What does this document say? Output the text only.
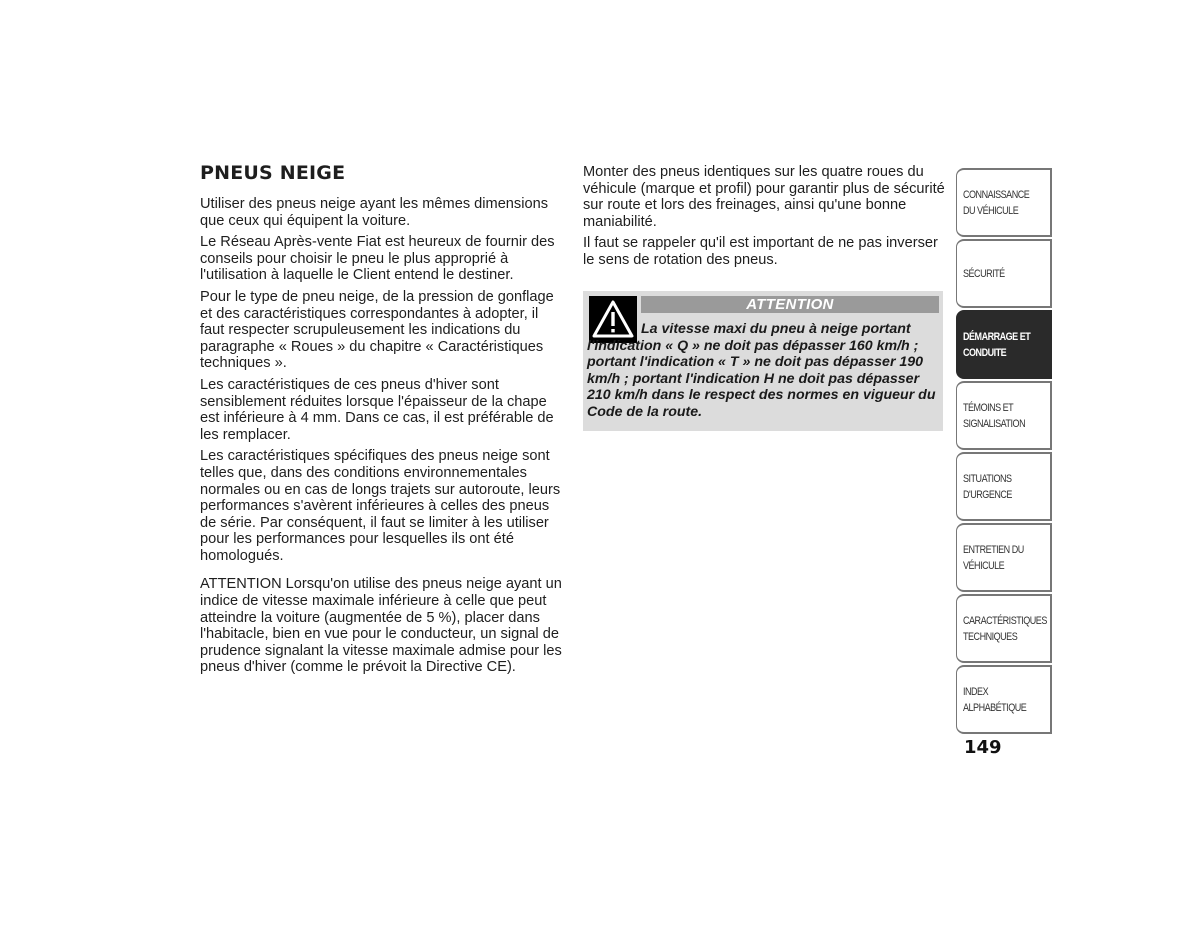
PNEUS NEIGE

Utiliser des pneus neige ayant les mêmes dimensions que ceux qui équipent la voiture.

Le Réseau Après-vente Fiat est heureux de fournir des conseils pour choisir le pneu le plus approprié à l'utilisation à laquelle le Client entend le destiner.

Pour le type de pneu neige, de la pression de gonflage et des caractéristiques correspondantes à adopter, il faut respecter scrupuleusement les indications du paragraphe « Roues » du chapitre « Caractéristiques techniques ».

Les caractéristiques de ces pneus d'hiver sont sensiblement réduites lorsque l'épaisseur de la chape est inférieure à 4 mm. Dans ce cas, il est préférable de les remplacer.

Les caractéristiques spécifiques des pneus neige sont telles que, dans des conditions environnementales normales ou en cas de longs trajets sur autoroute, leurs performances s'avèrent inférieures à celles des pneus de série. Par conséquent, il faut se limiter à les utiliser pour les performances pour lesquelles ils ont été homologués.

ATTENTION Lorsqu'on utilise des pneus neige ayant un indice de vitesse maximale inférieure à celle que peut atteindre la voiture (augmentée de 5 %), placer dans l'habitacle, bien en vue pour le conducteur, un signal de prudence signalant la vitesse maximale admise pour les pneus d'hiver (comme le prévoit la Directive CE).

Monter des pneus identiques sur les quatre roues du véhicule (marque et profil) pour garantir plus de sécurité sur route et lors des freinages, ainsi qu'une bonne maniabilité.

Il faut se rappeler qu'il est important de ne pas inverser le sens de rotation des pneus.

ATTENTION
La vitesse maxi du pneu à neige portant l'indication « Q » ne doit pas dépasser 160 km/h ; portant l'indication « T » ne doit pas dépasser 190 km/h ; portant l'indication H ne doit pas dépasser 210 km/h dans le respect des normes en vigueur du Code de la route.
CONNAISSANCE DU VÉHICULE
SÉCURITÉ
DÉMARRAGE ET CONDUITE
TÉMOINS ET SIGNALISATION
SITUATIONS D'URGENCE
ENTRETIEN DU VÉHICULE
CARACTÉRISTIQUES TECHNIQUES
INDEX ALPHABÉTIQUE
149
